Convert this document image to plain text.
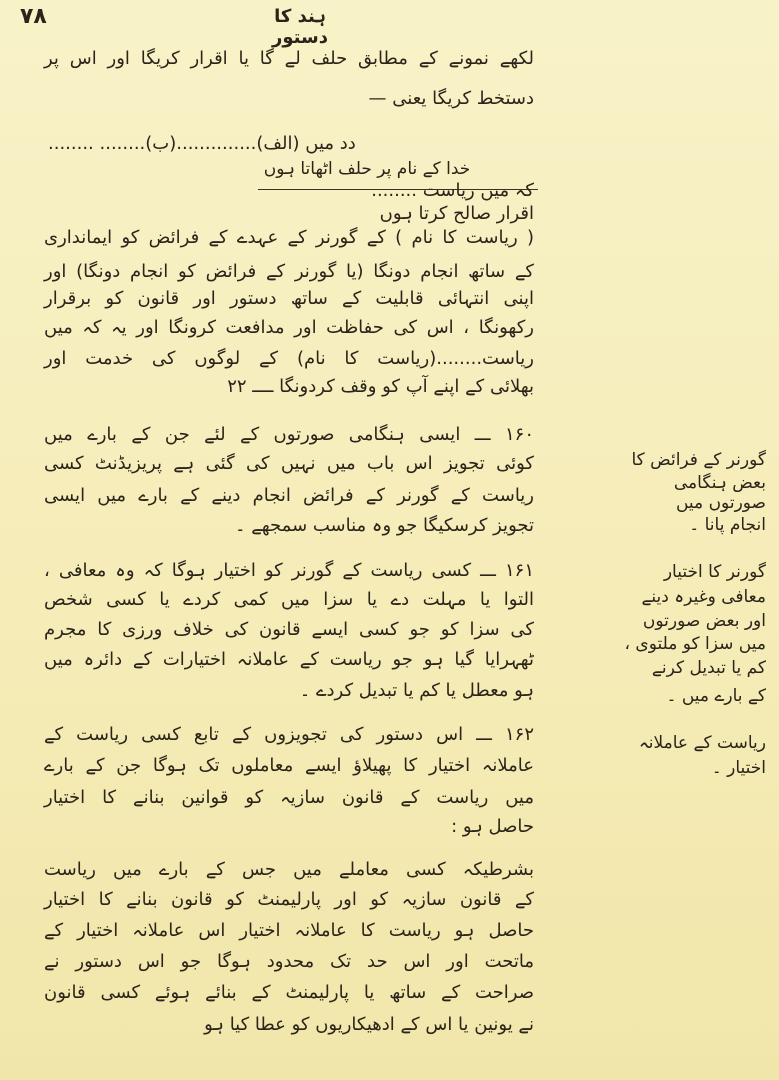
۷۸	ہند کا دستور
لکھے نمونے کے مطابق حلف لے گا یا اقرار کریگا اور اس پر
دستخط کریگا یعنی —
‏دد میں (الف)..............(ب)........ ........
خدا کے نام پر حلف اٹھاتا ہوں
کہ میں ریاست ........
اقرار صالح کرتا ہوں
( ریاست کا نام ) کے گورنر کے عہدے کے فرائض کو ایمانداری
کے ساتھ انجام دونگا (یا گورنر کے فرائض کو انجام دونگا) اور
اپنی انتہائی قابلیت کے ساتھ دستور اور قانون کو برقرار
رکھونگا ، اس کی حفاظت اور مدافعت کرونگا اور یہ کہ میں
ریاست........(ریاست کا نام) کے لوگوں کی خدمت اور
بھلائی کے اپنے آپ کو وقف کردونگا ــــ ۲۲
۱۶۰ ـــ ایسی ہنگامی صورتوں کے لئے جن کے بارے میں
کوئی تجویز اس باب میں نہیں کی گئی ہے پریزیڈنٹ کسی
ریاست کے گورنر کے فرائض انجام دینے کے بارے میں ایسی
تجویز کرسکیگا جو وہ مناسب سمجھے ۔
۱۶۱ ـــ کسی ریاست کے گورنر کو اختیار ہوگا کہ وہ معافی ،
التوا یا مہلت دے یا سزا میں کمی کردے یا کسی شخص
کی سزا کو جو کسی ایسے قانون کی خلاف ورزی کا مجرم
ٹھہرایا گیا ہو جو ریاست کے عاملانہ اختیارات کے دائرہ میں
ہو معطل یا کم یا تبدیل کردے ۔
۱۶۲ ـــ اس دستور کی تجویزوں کے تابع کسی ریاست کے
عاملانہ اختیار کا پھیلاؤ ایسے معاملوں تک ہوگا جن کے بارے
میں ریاست کے قانون سازیہ کو قوانین بنانے کا اختیار
حاصل ہو :
بشرطیکہ کسی معاملے میں جس کے بارے میں ریاست
کے قانون سازیہ کو اور پارلیمنٹ کو قانون بنانے کا اختیار
حاصل ہو ریاست کا عاملانہ اختیار اس عاملانہ اختیار کے
ماتحت اور اس حد تک محدود ہوگا جو اس دستور نے
صراحت کے ساتھ یا پارلیمنٹ کے بنائے ہوئے کسی قانون
نے یونین یا اس کے ادھیکاریوں کو عطا کیا ہو
گورنر کے فرائض کا
بعض ہنگامی
صورتوں میں
انجام پانا ۔
گورنر کا اختیار
معافی وغیرہ دینے
اور بعض صورتوں
میں سزا کو ملتوی ،
کم یا تبدیل کرنے
کے بارے میں ۔
ریاست کے عاملانہ
اختیار ۔
